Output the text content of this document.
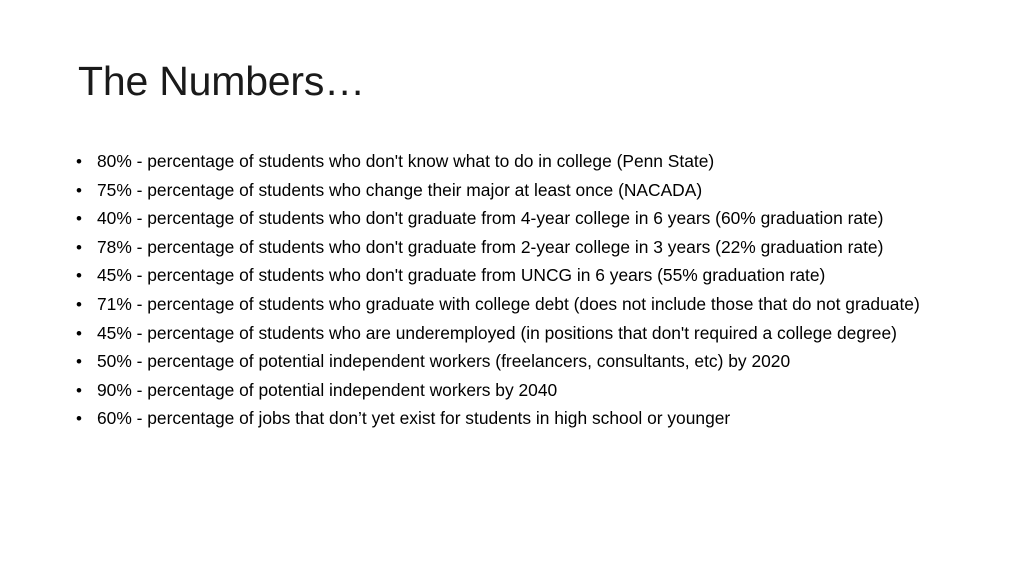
The Numbers…
• 80% - percentage of students who don't know what to do in college (Penn State)
• 75% - percentage of students who change their major at least once (NACADA)
• 40% - percentage of students who don't graduate from 4-year college in 6 years (60% graduation rate)
• 78% - percentage of students who don't graduate from 2-year college in 3 years (22% graduation rate)
• 45% - percentage of students who don't graduate from UNCG in 6 years (55% graduation rate)
• 71% - percentage of students who graduate with college debt (does not include those that do not graduate)
• 45% - percentage of students who are underemployed (in positions that don't required a college degree)
• 50% - percentage of potential independent workers (freelancers, consultants, etc) by 2020
• 90% - percentage of potential independent workers by 2040
• 60% - percentage of jobs that don’t yet exist for students in high school or younger
